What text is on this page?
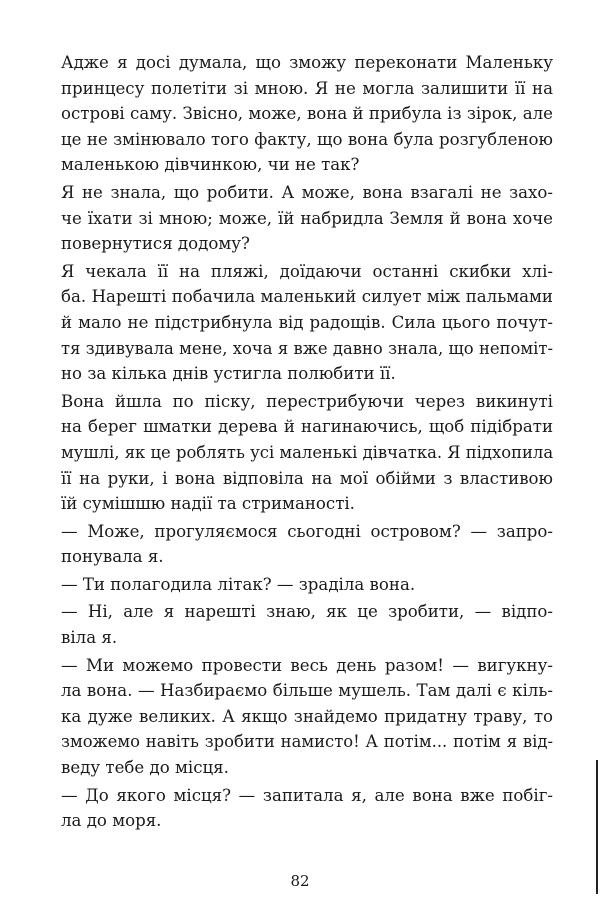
Адже я досі думала, що зможу переконати Маленьку
принцесу полетіти зі мною. Я не могла залишити її на
острові саму. Звісно, може, вона й прибула із зірок, але
це не змінювало того факту, що вона була розгубленою
маленькою дівчинкою, чи не так?

Я не знала, що робити. А може, вона взагалі не захо-
че їхати зі мною; може, їй набридла Земля й вона хоче
повернутися додому?

Я чекала її на пляжі, доїдаючи останні скибки хлі-
ба. Нарешті побачила маленький силует між пальмами
й мало не підстрибнула від радощів. Сила цього почут-
тя здивувала мене, хоча я вже давно знала, що непоміт-
но за кілька днів устигла полюбити її.

Вона йшла по піску, перестрибуючи через викинуті
на берег шматки дерева й нагинаючись, щоб підібрати
мушлі, як це роблять усі маленькі дівчатка. Я підхопила
її на руки, і вона відповіла на мої обійми з властивою
їй сумішшю надії та стриманості.

— Може, прогуляємося сьогодні островом? — запро-
понувала я.

— Ти полагодила літак? — зраділа вона.

— Ні, але я нарешті знаю, як це зробити, — відпо-
віла я.

— Ми можемо провести весь день разом! — вигукну-
ла вона. — Назбираємо більше мушель. Там далі є кіль-
ка дуже великих. А якщо знайдемо придатну траву, то
зможемо навіть зробити намисто! А потім... потім я від-
веду тебе до місця.

— До якого місця? — запитала я, але вона вже побіг-
ла до моря.

82
